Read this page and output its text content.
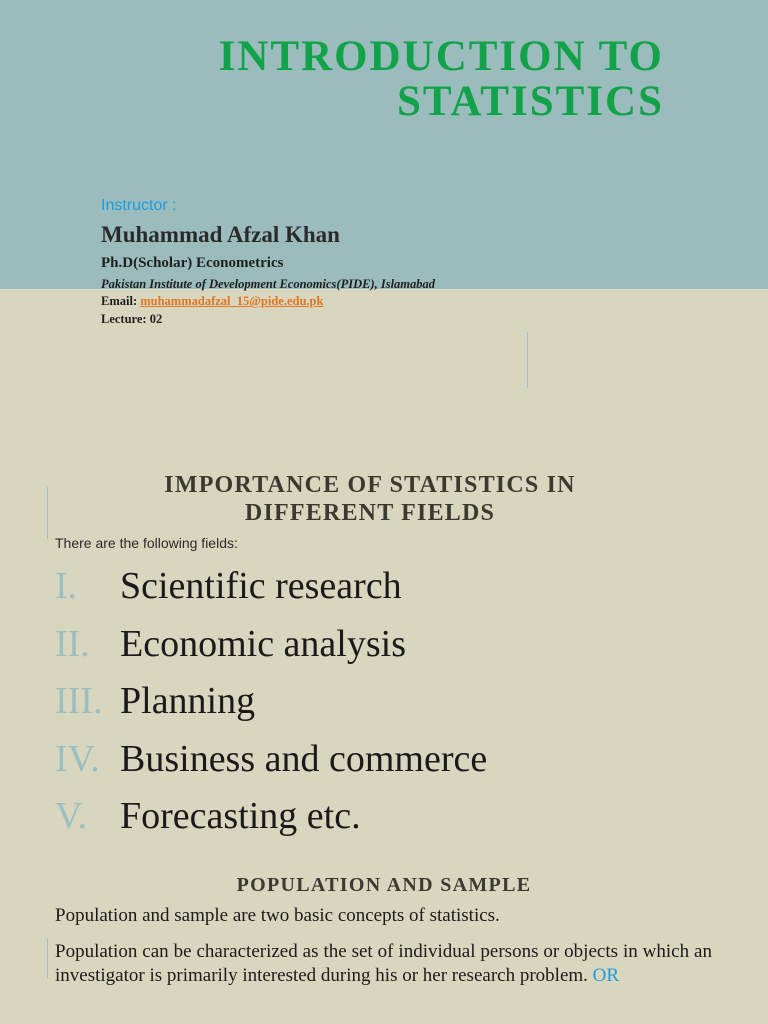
INTRODUCTION TO
STATISTICS
Instructor :
Muhammad Afzal Khan
Ph.D(Scholar) Econometrics
Pakistan Institute of Development Economics(PIDE), Islamabad
Email: muhammadafzal_15@pide.edu.pk
Lecture: 02
IMPORTANCE OF STATISTICS IN
DIFFERENT FIELDS
There are the following fields:
I. Scientific research
II. Economic analysis
III. Planning
IV. Business and commerce
V. Forecasting etc.
POPULATION AND SAMPLE

Population and sample are two basic concepts of statistics.

Population can be characterized as the set of individual persons or objects in which an investigator is primarily interested during his or her research problem. OR
